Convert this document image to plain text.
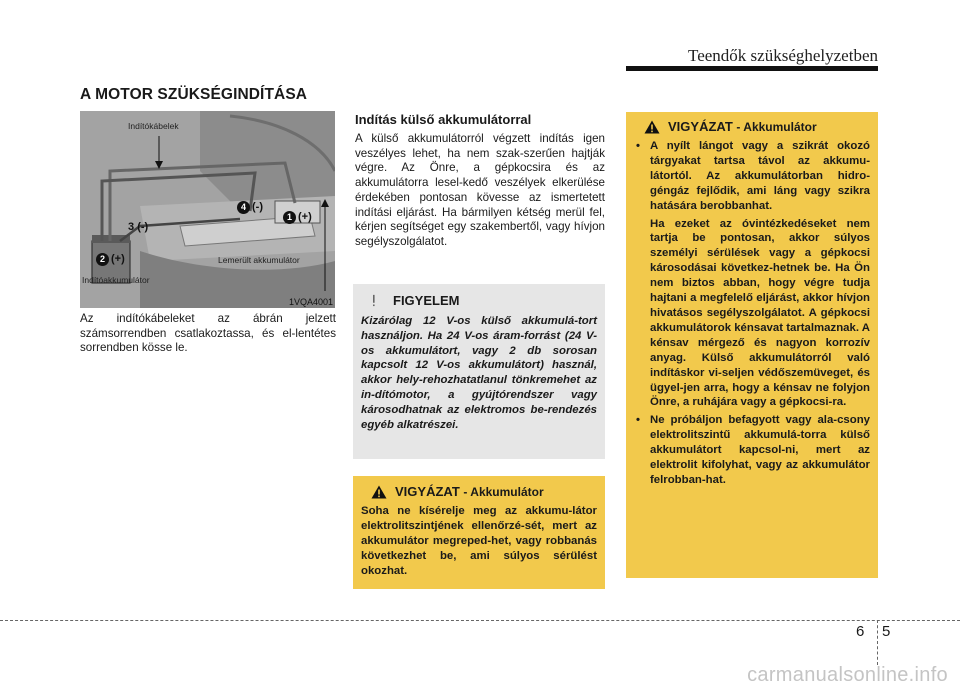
Teendők szükséghelyzetben
A MOTOR SZÜKSÉGINDÍTÁSA
Indítókábelek
Indítóakkumulátor
Lemerült akkumulátor
1VQA4001
1 (+)
2 (+)
3 (-)
4 (-)
Az indítókábeleket az ábrán jelzett számsorrendben csatlakoztassa, és el-lentétes sorrendben kösse le.
Indítás külső akkumulátorral
A külső akkumulátorról végzett indítás igen veszélyes lehet, ha nem szak-szerűen hajtják végre. Az Önre, a gépkocsira és az akkumulátorra lesel-kedő veszélyek elkerülése érdekében pontosan kövesse az ismertetett indítási eljárást. Ha bármilyen kétség merül fel, kérjen segítséget egy szakembertől, vagy hívjon segélyszolgálatot.
FIGYELEM
Kizárólag 12 V-os külső akkumulá-tort használjon. Ha 24 V-os áram-forrást (24 V-os akkumulátort, vagy 2 db sorosan kapcsolt 12 V-os akkumulátort) használ, akkor hely-rehozhatatlanul tönkremehet az in-dítómotor, a gyújtórendszer vagy károsodhatnak az elektromos be-rendezés egyéb alkatrészei.
VIGYÁZAT - Akkumulátor
Soha ne kísérelje meg az akkumu-látor elektrolitszintjének ellenőrzé-sét, mert az akkumulátor megreped-het, vagy robbanás következhet be, ami súlyos sérülést okozhat.
VIGYÁZAT - Akkumulátor
• A nyílt lángot vagy a szikrát okozó tárgyakat tartsa távol az akkumu-látortól. Az akkumulátorban hidro-géngáz fejlődik, ami láng vagy szikra hatására berobbanhat.

Ha ezeket az óvintézkedéseket nem tartja be pontosan, akkor súlyos személyi sérülések vagy a gépkocsi károsodásai következ-hetnek be. Ha Ön nem biztos abban, hogy végre tudja hajtani a megfelelő eljárást, akkor hívjon hivatásos segélyszolgálatot. A gépkocsi akkumulátorok kénsavat tartalmaznak. A kénsav mérgező és nagyon korrozív anyag. Külső akkumulátorról való indításkor vi-seljen védőszemüveget, és ügyel-jen arra, hogy a kénsav ne folyjon Önre, a ruhájára vagy a gépkocsi-ra.

• Ne próbáljon befagyott vagy ala-csony elektrolitszintű akkumulá-torra külső akkumulátort kapcsol-ni, mert az elektrolit kifolyhat, vagy az akkumulátor felrobban-hat.
6 5
carmanualsonline.info
